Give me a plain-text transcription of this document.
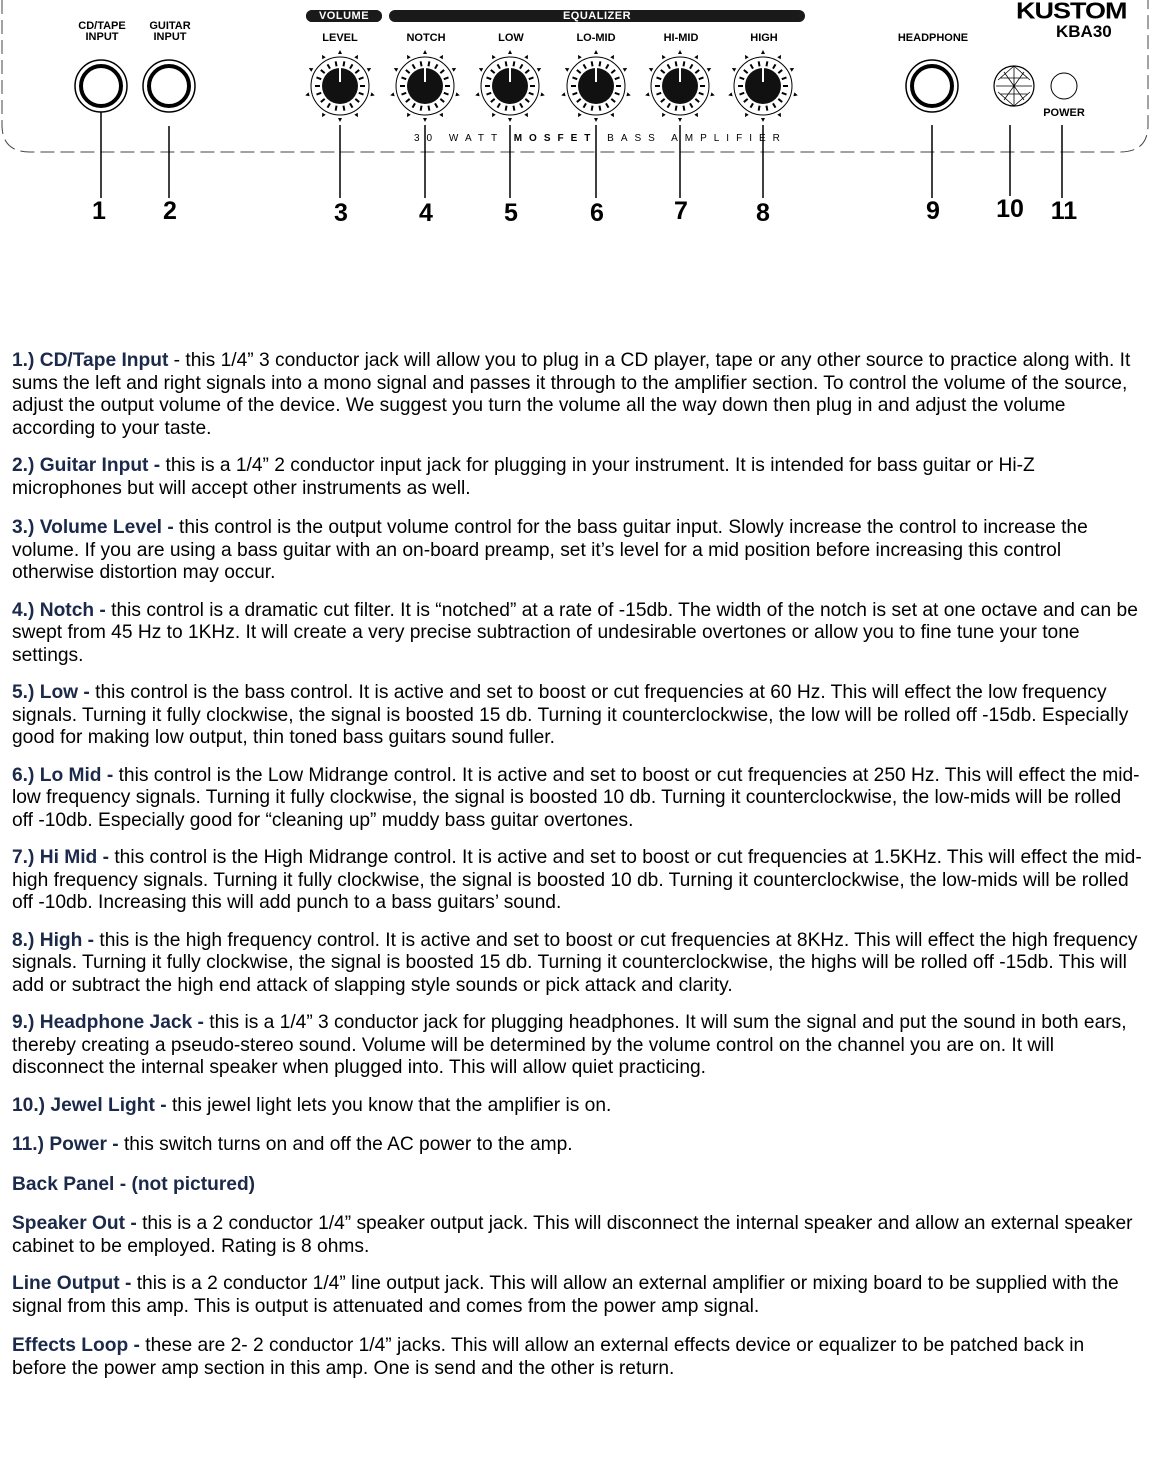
VOLUME	EQUALIZER
CD/TAPE
INPUT
GUITAR
INPUT	LEVEL	NOTCH	LOW	LO-MID	HI-MID	HIGH	HEADPHONE
POWER
KUSTOM
KBA30
30 WATT MOSFET BASS AMPLIFIER
1	2	3	4	5	6	7	8	9	10 11

1.) CD/Tape Input - this 1/4” 3 conductor jack will allow you to plug in a CD player, tape or any other source to practice along with. It sums the left and right signals into a mono signal and passes it through to the amplifier section. To control the volume of the source, adjust the output volume of the device. We suggest you turn the volume all the way down then plug in and adjust the volume according to your taste.

2.) Guitar Input - this is a 1/4” 2 conductor input jack for plugging in your instrument. It is intended for bass guitar or Hi-Z microphones but will accept other instruments as well.

3.) Volume Level - this control is the output volume control for the bass guitar input. Slowly increase the control to increase the volume. If you are using a bass guitar with an on-board preamp, set it’s level for a mid position before increasing this control otherwise distortion may occur.

4.) Notch - this control is a dramatic cut filter. It is “notched” at a rate of -15db. The width of the notch is set at one octave and can be swept from 45 Hz to 1KHz. It will create a very precise subtraction of undesirable overtones or allow you to fine tune your tone settings.

5.) Low - this control is the bass control. It is active and set to boost or cut frequencies at 60 Hz. This will effect the low frequency signals. Turning it fully clockwise, the signal is boosted 15 db. Turning it counterclockwise, the low will be rolled off -15db. Especially good for making low output, thin toned bass guitars sound fuller.

6.) Lo Mid - this control is the Low Midrange control. It is active and set to boost or cut frequencies at 250 Hz. This will effect the mid-low frequency signals. Turning it fully clockwise, the signal is boosted 10 db. Turning it counterclockwise, the low-mids will be rolled off -10db. Especially good for “cleaning up” muddy bass guitar overtones.

7.) Hi Mid - this control is the High Midrange control. It is active and set to boost or cut frequencies at 1.5KHz. This will effect the mid-high frequency signals. Turning it fully clockwise, the signal is boosted 10 db. Turning it counterclockwise, the low-mids will be rolled off -10db. Increasing this will add punch to a bass guitars’ sound.

8.) High - this is the high frequency control. It is active and set to boost or cut frequencies at 8KHz. This will effect the high frequency signals. Turning it fully clockwise, the signal is boosted 15 db. Turning it counterclockwise, the highs will be rolled off -15db. This will add or subtract the high end attack of slapping style sounds or pick attack and clarity.

9.) Headphone Jack - this is a 1/4” 3 conductor jack for plugging headphones. It will sum the signal and put the sound in both ears, thereby creating a pseudo-stereo sound. Volume will be determined by the volume control on the channel you are on. It will disconnect the internal speaker when plugged into. This will allow quiet practicing.

10.) Jewel Light - this jewel light lets you know that the amplifier is on.

11.) Power - this switch turns on and off the AC power to the amp.

Back Panel - (not pictured)

Speaker Out - this is a 2 conductor 1/4” speaker output jack. This will disconnect the internal speaker and allow an external speaker cabinet to be employed. Rating is 8 ohms.

Line Output - this is a 2 conductor 1/4” line output jack. This will allow an external amplifier or mixing board to be supplied with the signal from this amp. This is output is attenuated and comes from the power amp signal.

Effects Loop - these are 2- 2 conductor 1/4” jacks. This will allow an external effects device or equalizer to be patched back in before the power amp section in this amp. One is send and the other is return.
